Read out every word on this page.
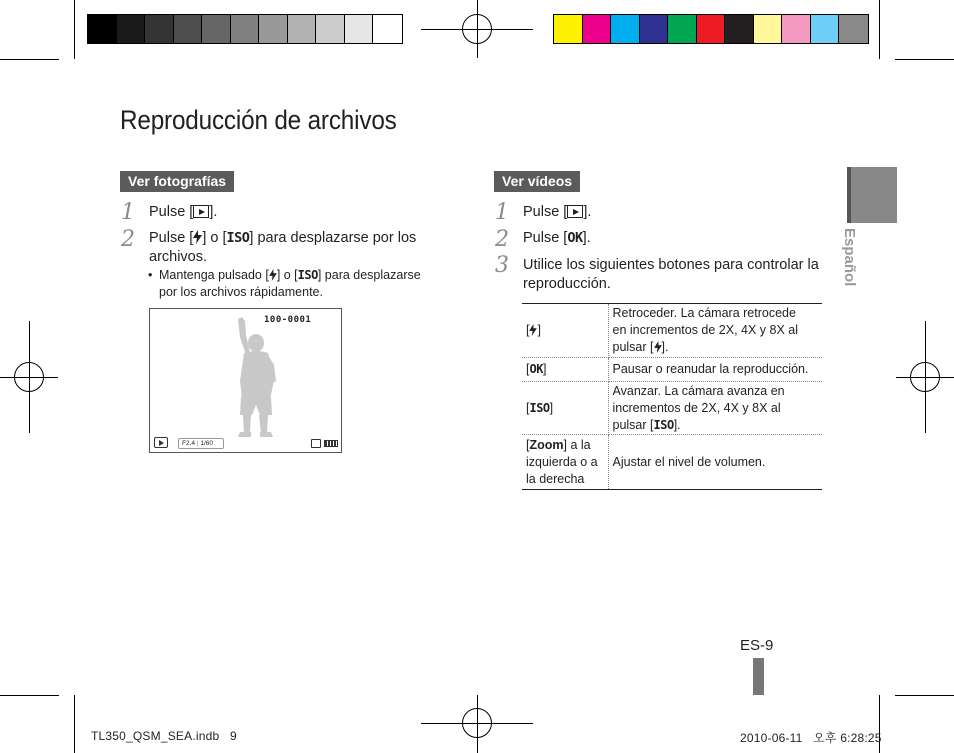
Reproducción de archivos
Ver fotografías
1 Pulse [ ].
2 Pulse [ ] o [ISO] para desplazarse por los
archivos.
• Mantenga pulsado [ ] o [ISO] para desplazarse
por los archivos rápidamente.
100-0001
F2.4 | 1/60
Ver vídeos
1 Pulse [ ].
2 Pulse [OK].
3 Utilice los siguientes botones para controlar la
reproducción.
[ ]	Retroceder. La cámara retrocede
en incrementos de 2X, 4X y 8X al
pulsar [ ].
[OK]	Pausar o reanudar la reproducción.
[ISO]	Avanzar. La cámara avanza en
incrementos de 2X, 4X y 8X al
pulsar [ISO].
[Zoom] a la
izquierda o a
la derecha	Ajustar el nivel de volumen.
Español
ES-9
TL350_QSM_SEA.indb   9	2010-06-11   오후 6:28:25
